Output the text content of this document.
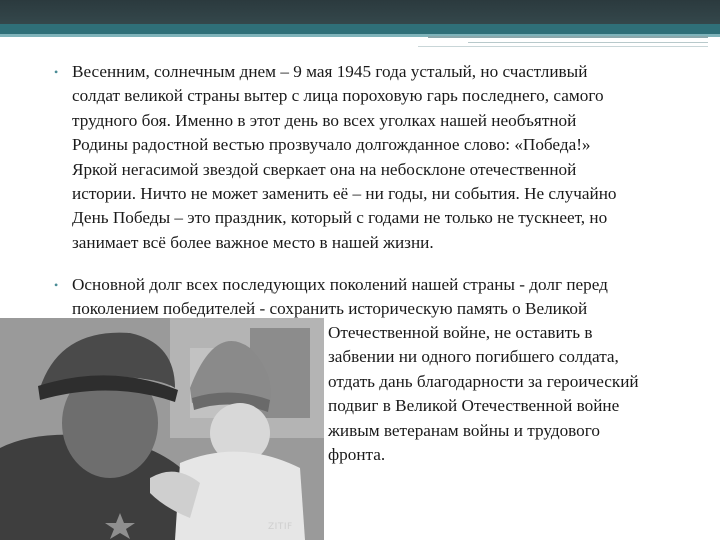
• Весенним, солнечным днем – 9 мая 1945 года усталый, но счастливый
солдат великой страны вытер с лица пороховую гарь последнего, самого
трудного боя. Именно в этот день во всех уголках нашей необъятной
Родины радостной вестью прозвучало долгожданное слово: «Победа!»
Яркой негасимой звездой сверкает она на небосклоне отечественной
истории. Ничто не может заменить её – ни годы, ни события. Не случайно
День Победы – это праздник, который с годами не только не тускнеет, но
занимает всё более важное место в нашей жизни.

• Основной долг всех последующих поколений нашей страны - долг перед
поколением победителей - сохранить историческую память о Великой

Отечественной войне, не оставить в
забвении ни одного погибшего солдата,
отдать дань благодарности за героический
подвиг в Великой Отечественной войне
живым ветеранам войны и трудового
фронта.

ZITIF
